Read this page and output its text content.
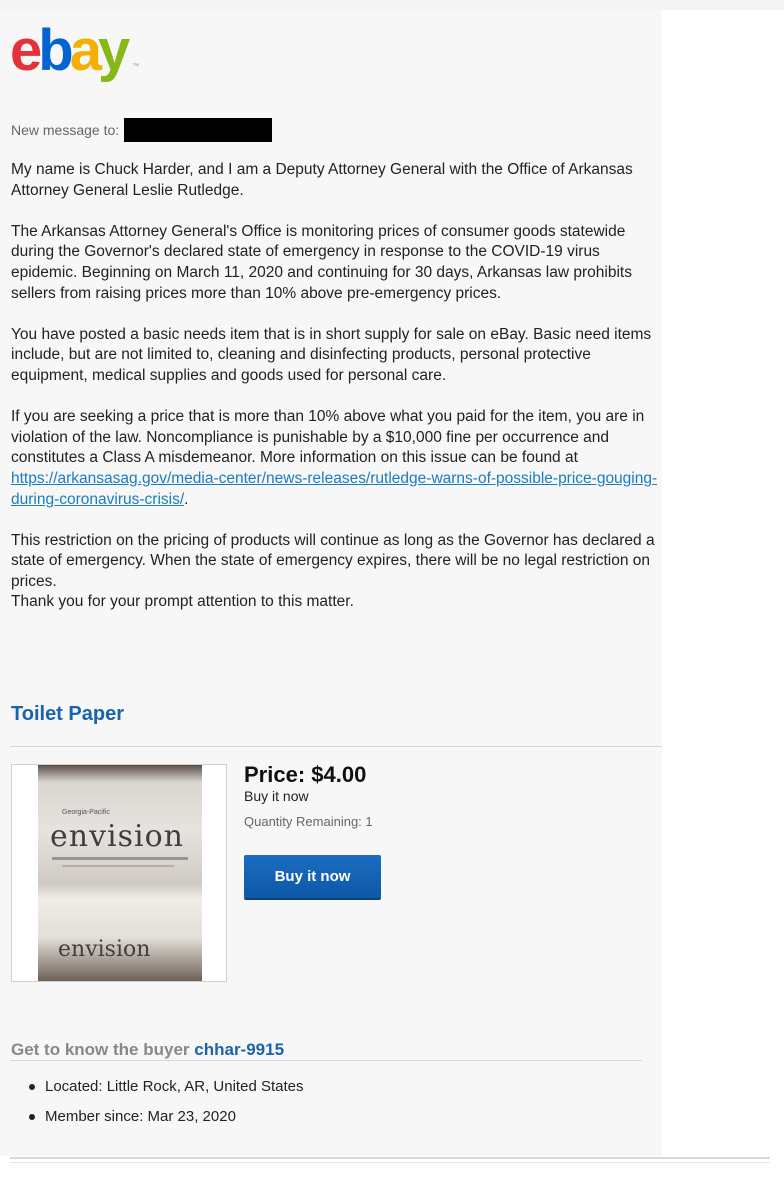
ebay ™
New message to:

My name is Chuck Harder, and I am a Deputy Attorney General with the Office of Arkansas Attorney General Leslie Rutledge.

The Arkansas Attorney General's Office is monitoring prices of consumer goods statewide during the Governor's declared state of emergency in response to the COVID-19 virus epidemic. Beginning on March 11, 2020 and continuing for 30 days, Arkansas law prohibits sellers from raising prices more than 10% above pre-emergency prices.

You have posted a basic needs item that is in short supply for sale on eBay. Basic need items include, but are not limited to, cleaning and disinfecting products, personal protective equipment, medical supplies and goods used for personal care.

If you are seeking a price that is more than 10% above what you paid for the item, you are in violation of the law. Noncompliance is punishable by a $10,000 fine per occurrence and constitutes a Class A misdemeanor. More information on this issue can be found at https://arkansasag.gov/media-center/news-releases/rutledge-warns-of-possible-price-gouging-during-coronavirus-crisis/.

This restriction on the pricing of products will continue as long as the Governor has declared a state of emergency. When the state of emergency expires, there will be no legal restriction on prices.

Thank you for your prompt attention to this matter.

Toilet Paper
Georgia-Pacific
envision
envision
Price: $4.00
Buy it now
Quantity Remaining: 1
Buy it now
Get to know the buyer chhar-9915
Located: Little Rock, AR, United States
Member since: Mar 23, 2020
